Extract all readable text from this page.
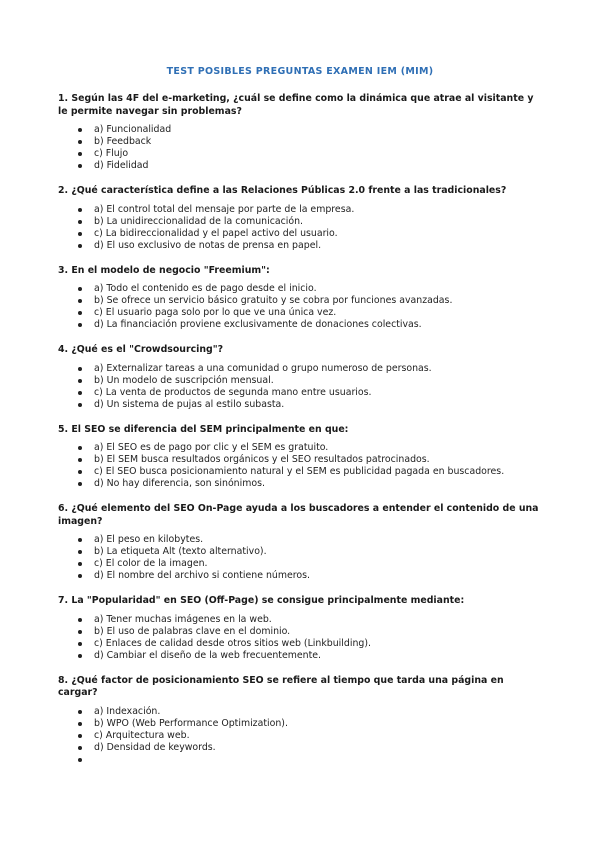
TEST POSIBLES PREGUNTAS EXAMEN IEM (MIM)
1. Según las 4F del e-marketing, ¿cuál se define como la dinámica que atrae al visitante y le permite navegar sin problemas?
a) Funcionalidad
b) Feedback
c) Flujo
d) Fidelidad
2. ¿Qué característica define a las Relaciones Públicas 2.0 frente a las tradicionales?
a) El control total del mensaje por parte de la empresa.
b) La unidireccionalidad de la comunicación.
c) La bidireccionalidad y el papel activo del usuario.
d) El uso exclusivo de notas de prensa en papel.
3. En el modelo de negocio "Freemium":
a) Todo el contenido es de pago desde el inicio.
b) Se ofrece un servicio básico gratuito y se cobra por funciones avanzadas.
c) El usuario paga solo por lo que ve una única vez.
d) La financiación proviene exclusivamente de donaciones colectivas.
4. ¿Qué es el "Crowdsourcing"?
a) Externalizar tareas a una comunidad o grupo numeroso de personas.
b) Un modelo de suscripción mensual.
c) La venta de productos de segunda mano entre usuarios.
d) Un sistema de pujas al estilo subasta.
5. El SEO se diferencia del SEM principalmente en que:
a) El SEO es de pago por clic y el SEM es gratuito.
b) El SEM busca resultados orgánicos y el SEO resultados patrocinados.
c) El SEO busca posicionamiento natural y el SEM es publicidad pagada en buscadores.
d) No hay diferencia, son sinónimos.
6. ¿Qué elemento del SEO On-Page ayuda a los buscadores a entender el contenido de una imagen?
a) El peso en kilobytes.
b) La etiqueta Alt (texto alternativo).
c) El color de la imagen.
d) El nombre del archivo si contiene números.
7. La "Popularidad" en SEO (Off-Page) se consigue principalmente mediante:
a) Tener muchas imágenes en la web.
b) El uso de palabras clave en el dominio.
c) Enlaces de calidad desde otros sitios web (Linkbuilding).
d) Cambiar el diseño de la web frecuentemente.
8. ¿Qué factor de posicionamiento SEO se refiere al tiempo que tarda una página en cargar?
a) Indexación.
b) WPO (Web Performance Optimization).
c) Arquitectura web.
d) Densidad de keywords.
